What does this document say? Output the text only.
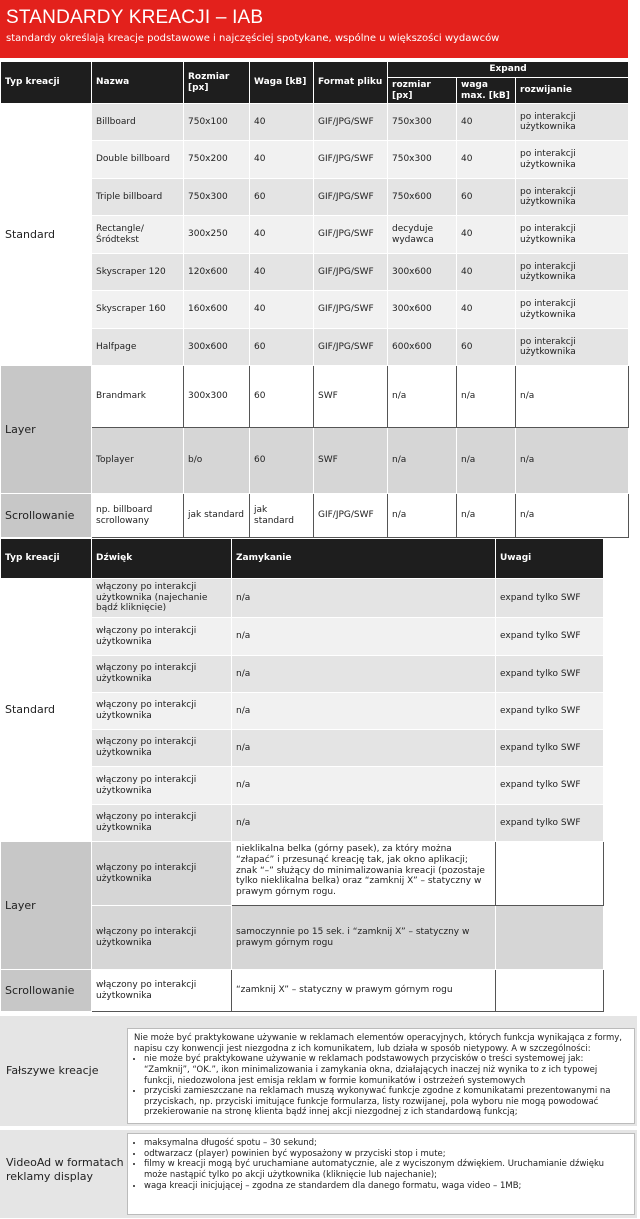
STANDARDY KREACJI – IAB
standardy określają kreacje podstawowe i najczęściej spotykane, wspólne u większości wydawców
Typ kreacji	Nazwa	Rozmiar [px]	Waga [kB]	Format pliku	Expand		
					rozmiar [px]	waga max. [kB]	rozwijanie
Standard	Billboard	750x100	40	GIF/JPG/SWF	750x300	40	po interakcji użytkownika
	Double billboard	750x200	40	GIF/JPG/SWF	750x300	40	po interakcji użytkownika
	Triple billboard	750x300	60	GIF/JPG/SWF	750x600	60	po interakcji użytkownika
	Rectangle/ Śródtekst	300x250	40	GIF/JPG/SWF	decyduje wydawca	40	po interakcji użytkownika
	Skyscraper 120	120x600	40	GIF/JPG/SWF	300x600	40	po interakcji użytkownika
	Skyscraper 160	160x600	40	GIF/JPG/SWF	300x600	40	po interakcji użytkownika
	Halfpage	300x600	60	GIF/JPG/SWF	600x600	60	po interakcji użytkownika
Layer	Brandmark	300x300	60	SWF	n/a	n/a	n/a
	Toplayer	b/o	60	SWF	n/a	n/a	n/a
Scrollowanie	np. billboard scrollowany	jak standard	jak standard	GIF/JPG/SWF	n/a	n/a	n/a
Typ kreacji	Dźwięk	Zamykanie	Uwagi
Standard	włączony po interakcji użytkownika (najechanie bądź kliknięcie)	n/a	expand tylko SWF
	włączony po interakcji użytkownika	n/a	expand tylko SWF
	włączony po interakcji użytkownika	n/a	expand tylko SWF
	włączony po interakcji użytkownika	n/a	expand tylko SWF
	włączony po interakcji użytkownika	n/a	expand tylko SWF
	włączony po interakcji użytkownika	n/a	expand tylko SWF
	włączony po interakcji użytkownika	n/a	expand tylko SWF
Layer	włączony po interakcji użytkownika	nieklikalna belka (górny pasek), za który można “złapać” i przesunąć kreację tak, jak okno aplikacji; znak “–” służący do minimalizowania kreacji (pozostaje tylko nieklikalna belka) oraz “zamknij X” – statyczny w prawym górnym rogu.	
	włączony po interakcji użytkownika	samoczynnie po 15 sek. i “zamknij X” – statyczny w prawym górnym rogu	
Scrollowanie	włączony po interakcji użytkownika	“zamknij X” – statyczny w prawym górnym rogu	
Fałszywe kreacje
Nie może być praktykowane używanie w reklamach elementów operacyjnych, których funkcja wynikająca z formy, napisu czy konwencji jest niezgodna z ich komunikatem, lub działa w sposób nietypowy. A w szczególności:
• nie może być praktykowane używanie w reklamach podstawowych przycisków o treści systemowej jak: “Zamknij”, “OK.”, ikon minimalizowania i zamykania okna, działających inaczej niż wynika to z ich typowej funkcji, niedozwolona jest emisja reklam w formie komunikatów i ostrzeżeń systemowych
• przyciski zamieszczane na reklamach muszą wykonywać funkcje zgodne z komunikatami prezentowanymi na przyciskach, np. przyciski imitujące funkcje formularza, listy rozwijanej, pola wyboru nie mogą powodować przekierowanie na stronę klienta bądź innej akcji niezgodnej z ich standardową funkcją;
VideoAd w formatach reklamy display
• maksymalna długość spotu – 30 sekund;
• odtwarzacz (player) powinien być wyposażony w przyciski stop i mute;
• filmy w kreacji mogą być uruchamiane automatycznie, ale z wyciszonym dźwiękiem. Uruchamianie dźwięku może nastąpić tylko po akcji użytkownika (kliknięcie lub najechanie);
• waga kreacji inicjującej – zgodna ze standardem dla danego formatu, waga video – 1MB;
